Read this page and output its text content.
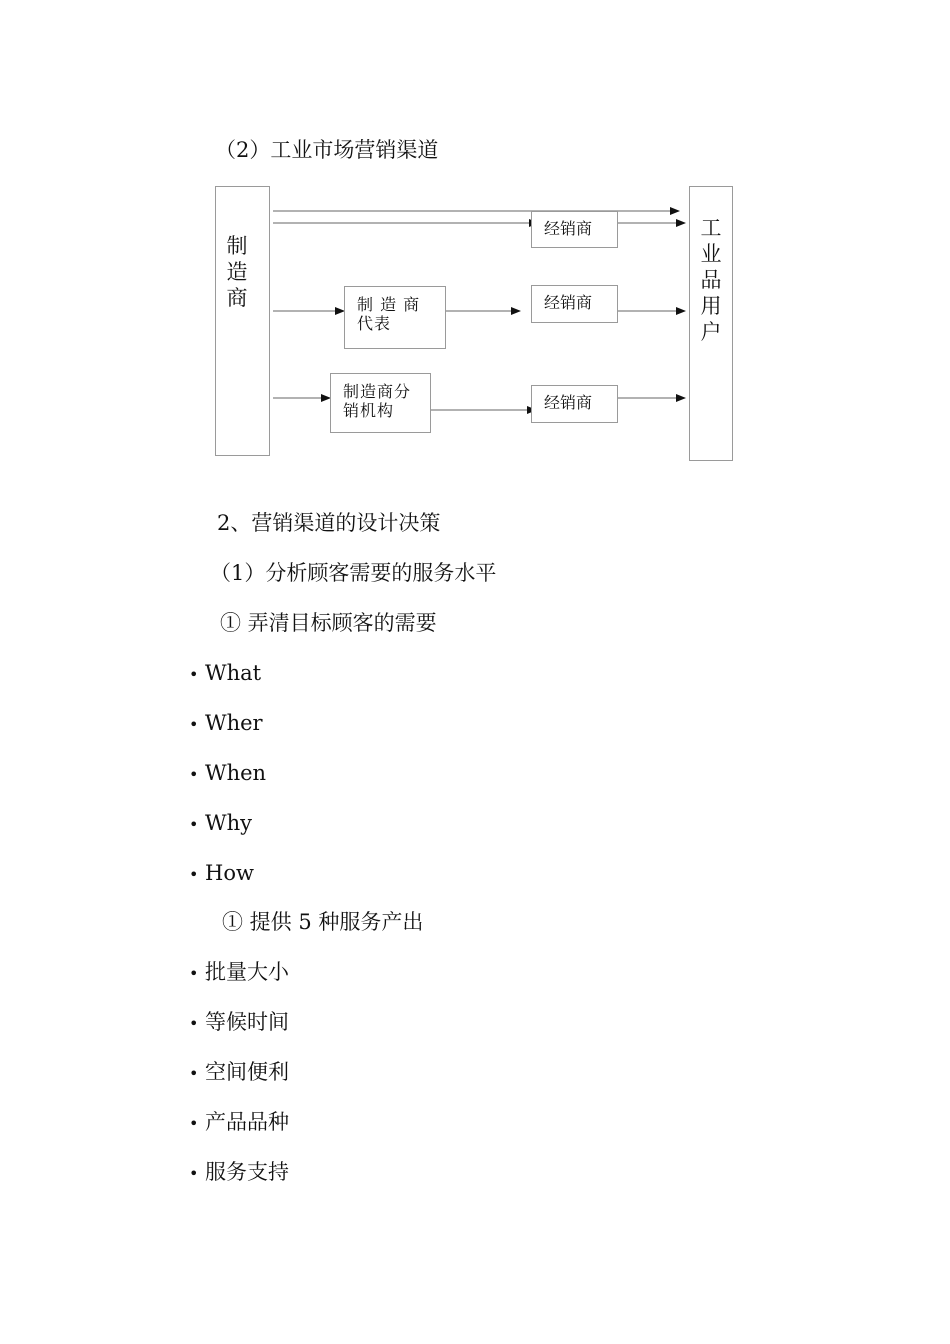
（2）工业市场营销渠道
制造商
工业品用户
经销商
制 造 商代表
经销商
制造商分销机构	经销商
2、营销渠道的设计决策
（1）分析顾客需要的服务水平
① 弄清目标顾客的需要
• What
• Wher
• When
• Why
• How
① 提供 5 种服务产出
• 批量大小
• 等候时间
• 空间便利
• 产品品种
• 服务支持
